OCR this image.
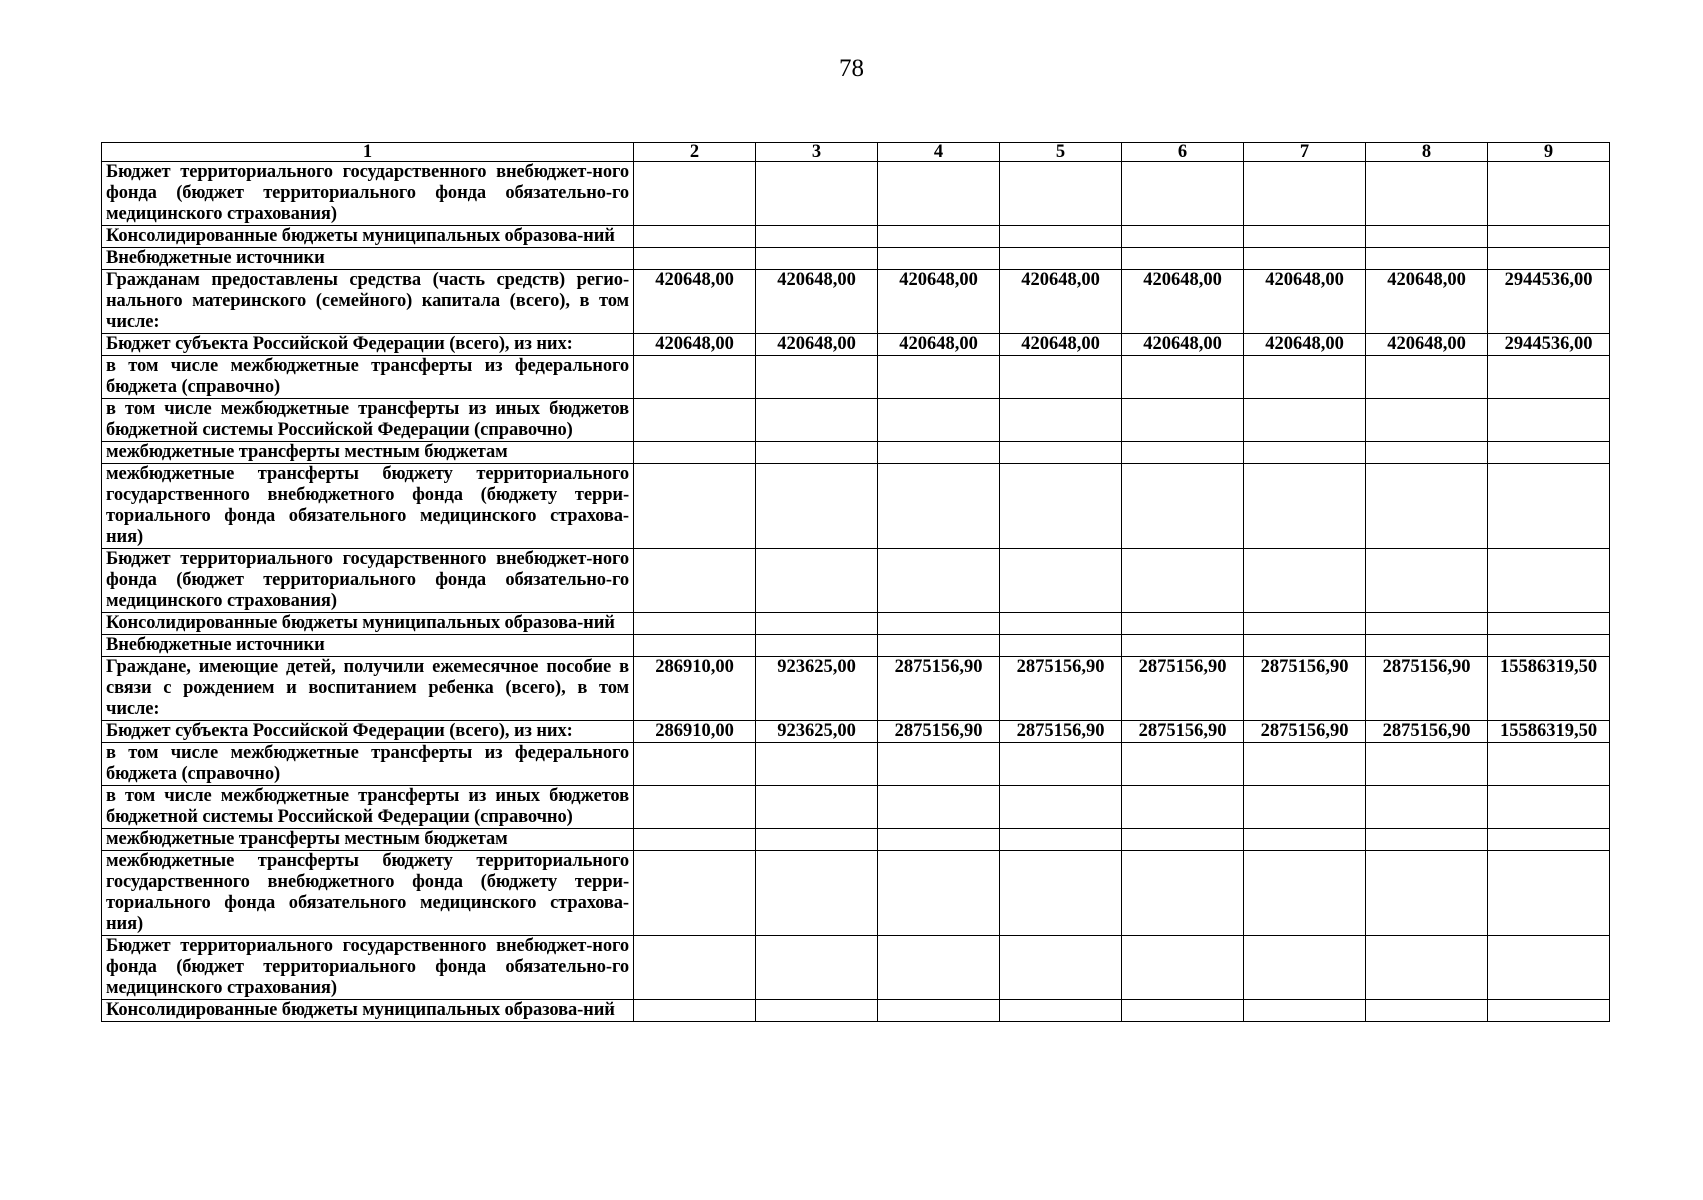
78
1	2	3	4	5	6	7	8	9
Бюджет территориального государственного внебюджет-ного фонда (бюджет территориального фонда обязательно-го медицинского страхования)								
Консолидированные бюджеты муниципальных образова-ний								
Внебюджетные источники								
Гражданам предоставлены средства (часть средств) регио-нального материнского (семейного) капитала (всего), в том числе:	420648,00	420648,00	420648,00	420648,00	420648,00	420648,00	420648,00	2944536,00
Бюджет субъекта Российской Федерации (всего), из них:	420648,00	420648,00	420648,00	420648,00	420648,00	420648,00	420648,00	2944536,00
в том числе межбюджетные трансферты из федерального бюджета (справочно)								
в том числе межбюджетные трансферты из иных бюджетов бюджетной системы Российской Федерации (справочно)								
межбюджетные трансферты местным бюджетам								
межбюджетные трансферты бюджету территориального государственного внебюджетного фонда (бюджету терри-ториального фонда обязательного медицинского страхова-ния)								
Бюджет территориального государственного внебюджет-ного фонда (бюджет территориального фонда обязательно-го медицинского страхования)								
Консолидированные бюджеты муниципальных образова-ний								
Внебюджетные источники								
Граждане, имеющие детей, получили ежемесячное пособие в связи с рождением и воспитанием ребенка (всего), в том числе:	286910,00	923625,00	2875156,90	2875156,90	2875156,90	2875156,90	2875156,90	15586319,50
Бюджет субъекта Российской Федерации (всего), из них:	286910,00	923625,00	2875156,90	2875156,90	2875156,90	2875156,90	2875156,90	15586319,50
в том числе межбюджетные трансферты из федерального бюджета (справочно)								
в том числе межбюджетные трансферты из иных бюджетов бюджетной системы Российской Федерации (справочно)								
межбюджетные трансферты местным бюджетам								
межбюджетные трансферты бюджету территориального государственного внебюджетного фонда (бюджету терри-ториального фонда обязательного медицинского страхова-ния)								
Бюджет территориального государственного внебюджет-ного фонда (бюджет территориального фонда обязательно-го медицинского страхования)								
Консолидированные бюджеты муниципальных образова-ний								
